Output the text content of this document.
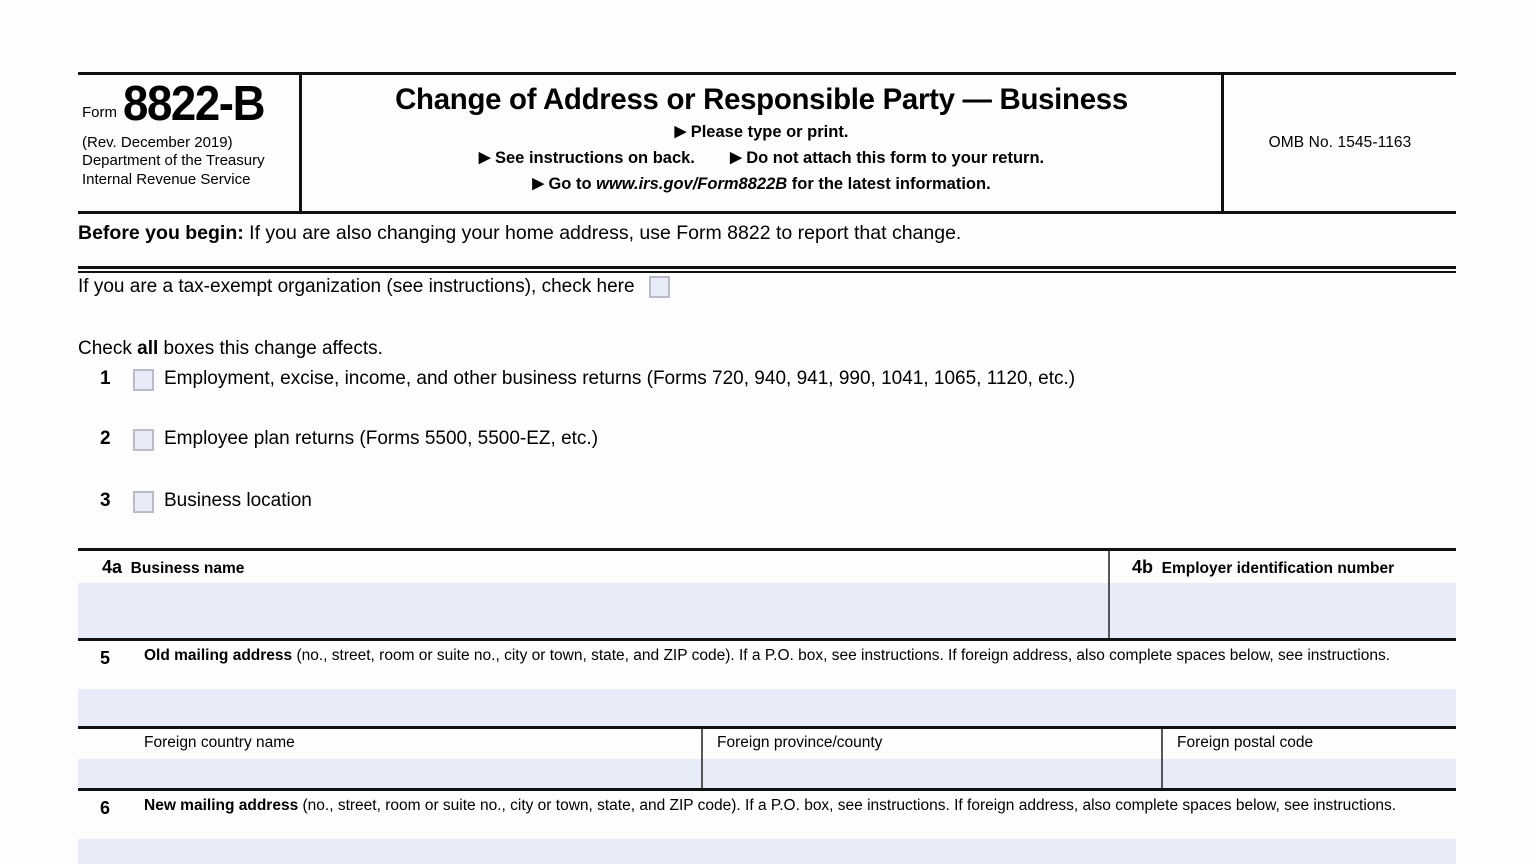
Form 8822-B
(Rev. December 2019)
Department of the Treasury
Internal Revenue Service
Change of Address or Responsible Party — Business
▶ Please type or print.
▶ See instructions on back. ▶ Do not attach this form to your return.
▶ Go to www.irs.gov/Form8822B for the latest information.
OMB No. 1545-1163
Before you begin: If you are also changing your home address, use Form 8822 to report that change.
If you are a tax-exempt organization (see instructions), check here
Check all boxes this change affects.
1	Employment, excise, income, and other business returns (Forms 720, 940, 941, 990, 1041, 1065, 1120, etc.)
2	Employee plan returns (Forms 5500, 5500-EZ, etc.)
3	Business location
4a Business name	4b Employer identification number
5	Old mailing address (no., street, room or suite no., city or town, state, and ZIP code). If a P.O. box, see instructions. If foreign address, also complete spaces below, see instructions.
Foreign country name	Foreign province/county	Foreign postal code
6	New mailing address (no., street, room or suite no., city or town, state, and ZIP code). If a P.O. box, see instructions. If foreign address, also complete spaces below, see instructions.
